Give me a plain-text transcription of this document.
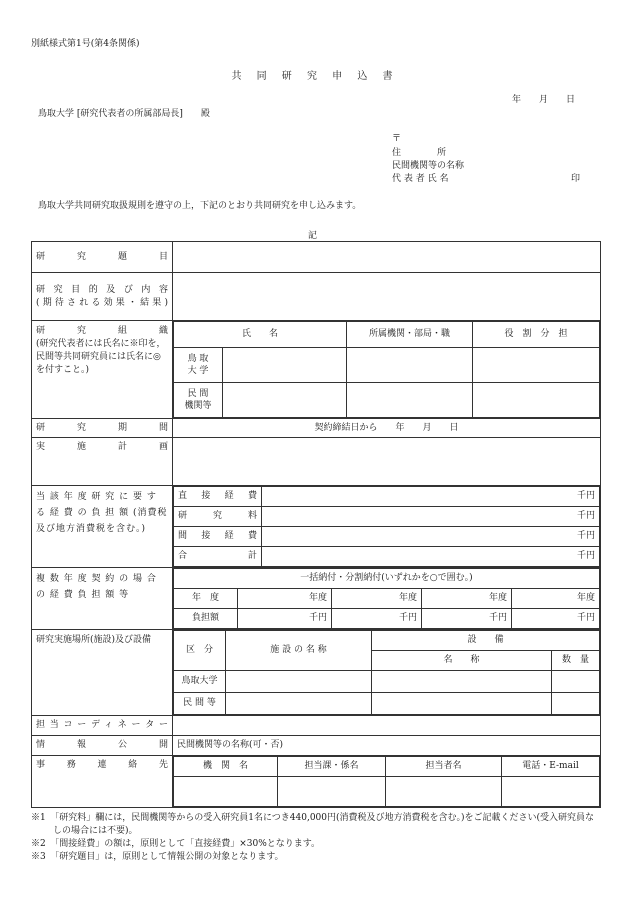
別紙様式第1号(第4条関係)
共 同 研 究 申 込 書
年　　月　　日
鳥取大学 [研究代表者の所属部局長]　　殿
〒
住　　　　所
民間機関等の名称
代 表 者 氏 名	印
鳥取大学共同研究取扱規則を遵守の上，下記のとおり共同研究を申し込みます。
記
研　　究　　題　　目	

研 究 目 的 及 び 内 容
(期待される効果・結果)

研　　究　　組　　織
(研究代表者には氏名に※印を，民間等共同研究員には氏名に◎を付すこと。)

氏　　名	所属機関・部局・職	役　割　分　担
鳥 取
大 学			
民 間
機関等			

研　　究　　期　　間	契約締結日から　　年　　月　　日
実　　施　　計　　画	
当 該 年 度 研 究 に 要 す る 経 費 の 負 担 額 (消費税及び地方消費税を含む。)	
直 接 経 費	千円
研　究　料	千円
間 接 経 費	千円
合　　　計	千円

複 数 年 度 契 約 の 場 合 の 経 費 負 担 額 等	
一括納付・分割納付(いずれかを○で囲む。)
年　度	年度	年度	年度	年度
負担額	千円	千円	千円	千円

研究実施場所(施設)及び設備	
区　分	施 設 の 名 称	設　　備
名　　称	数　量
鳥取大学			
民 間 等			

担当コーディネーター	
情　　報　　公　　開	民間機関等の名称(可・否)
事　務　連　絡　先		機　関　名	担当課・係名	担当者名	電話・E-mail

※1　「研究料」欄には，民間機関等からの受入研究員1名につき440,000円(消費税及び地方消費税を含む。)をご記載ください(受入研究員なしの場合には不要)。
※2　「間接経費」の額は，原則として「直接経費」×30%となります。
※3　「研究題目」は，原則として情報公開の対象となります。
